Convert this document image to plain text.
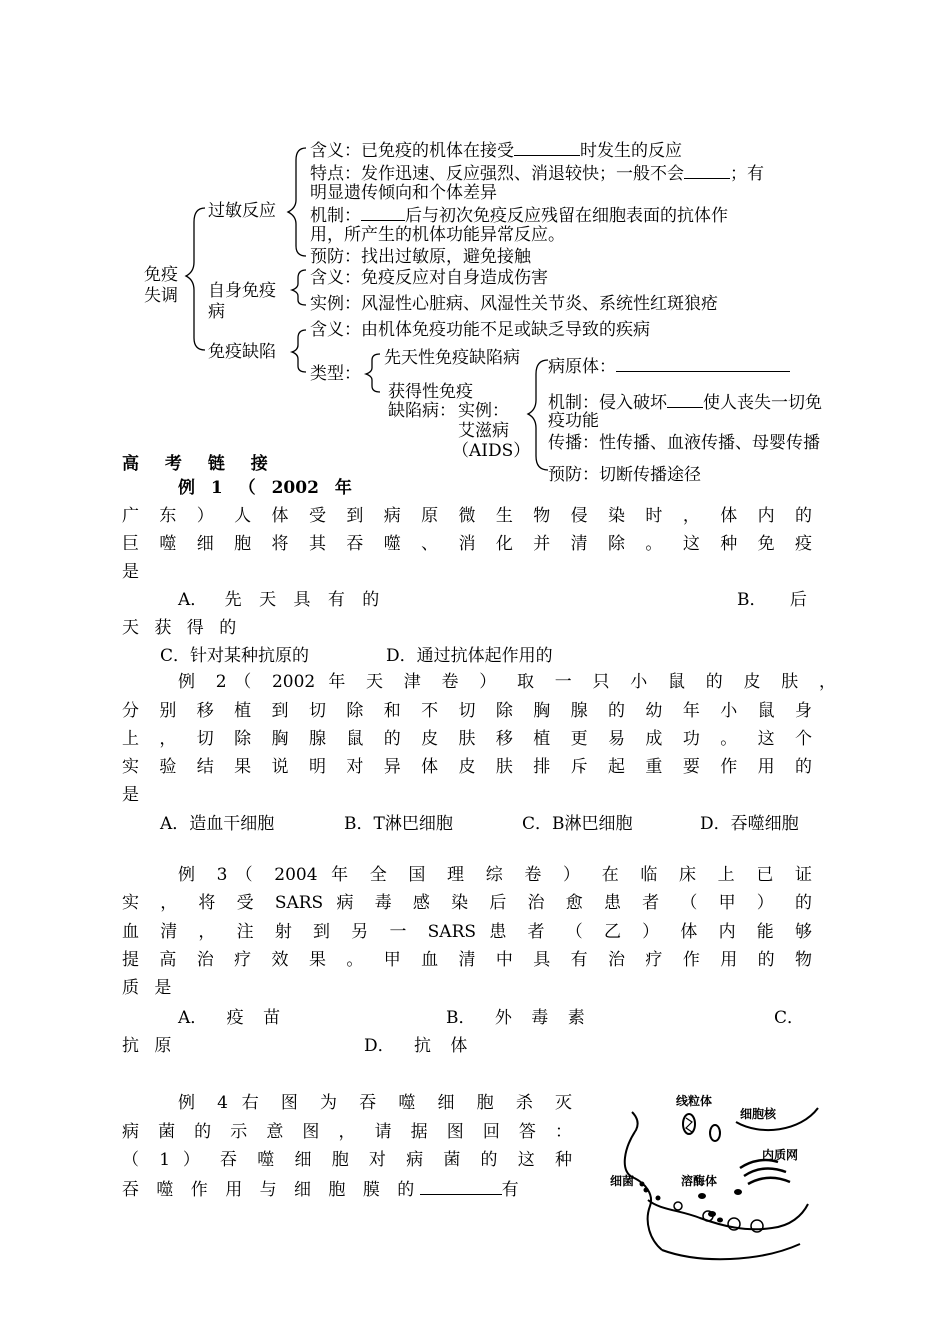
免疫
失调
过敏反应
含义：已免疫的机体在接受	时发生的反应
特点：发作迅速、反应强烈、消退较快；一般不会	；有
明显遗传倾向和个体差异
机制：	后与初次免疫反应残留在细胞表面的抗体作
用，所产生的机体功能异常反应。
预防：找出过敏原，避免接触
自身免疫
病
含义：免疫反应对自身造成伤害
实例：风湿性心脏病、风湿性关节炎、系统性红斑狼疮
免疫缺陷
含义：由机体免疫功能不足或缺乏导致的疾病
类型：
先天性免疫缺陷病
获得性免疫
缺陷病： 实例：
艾滋病
（AIDS）
病原体：
机制：侵入破坏 使人丧失一切免
疫功能
传播：性传播、血液传播、母婴传播
预防：切断传播途径
高 考 链 接
例 1 （ 2002 年
广 东 ） 人 体 受 到 病 原 微 生 物 侵 染 时 ， 体 内 的
巨 噬 细 胞 将 其 吞 噬 、 消 化 并 清 除 。 这 种 免 疫
是
A． 先 天 具 有 的	B． 后
天 获 得 的
C．针对某种抗原的	D．通过抗体起作用的
例 2（ 2002 年 天 津 卷 ） 取 一 只 小 鼠 的 皮 肤 ，
分 别 移 植 到 切 除 和 不 切 除 胸 腺 的 幼 年 小 鼠 身
上 ， 切 除 胸 腺 鼠 的 皮 肤 移 植 更 易 成 功 。 这 个
实 验 结 果 说 明 对 异 体 皮 肤 排 斥 起 重 要 作 用 的
是
A．造血干细胞	B．T淋巴细胞	C．B淋巴细胞	D．吞噬细胞
例 3（ 2004 年 全 国 理 综 卷 ） 在 临 床 上 已 证
实 ， 将 受 SARS 病 毒 感 染 后 治 愈 患 者 （ 甲 ） 的
血 清 ， 注 射 到 另 一 SARS 患 者 （ 乙 ） 体 内 能 够
提 高 治 疗 效 果 。 甲 血 清 中 具 有 治 疗 作 用 的 物
质 是
A． 疫 苗	B． 外 毒 素	C．
抗 原	D． 抗 体
例 4 右 图 为 吞 噬 细 胞 杀 灭
病 菌 的 示 意 图 ， 请 据 图 回 答 ：
（ 1 ） 吞 噬 细 胞 对 病 菌 的 这 种
吞 噬 作 用 与 细 胞 膜 的	有
线粒体
细胞核
内质网
细菌	溶酶体
